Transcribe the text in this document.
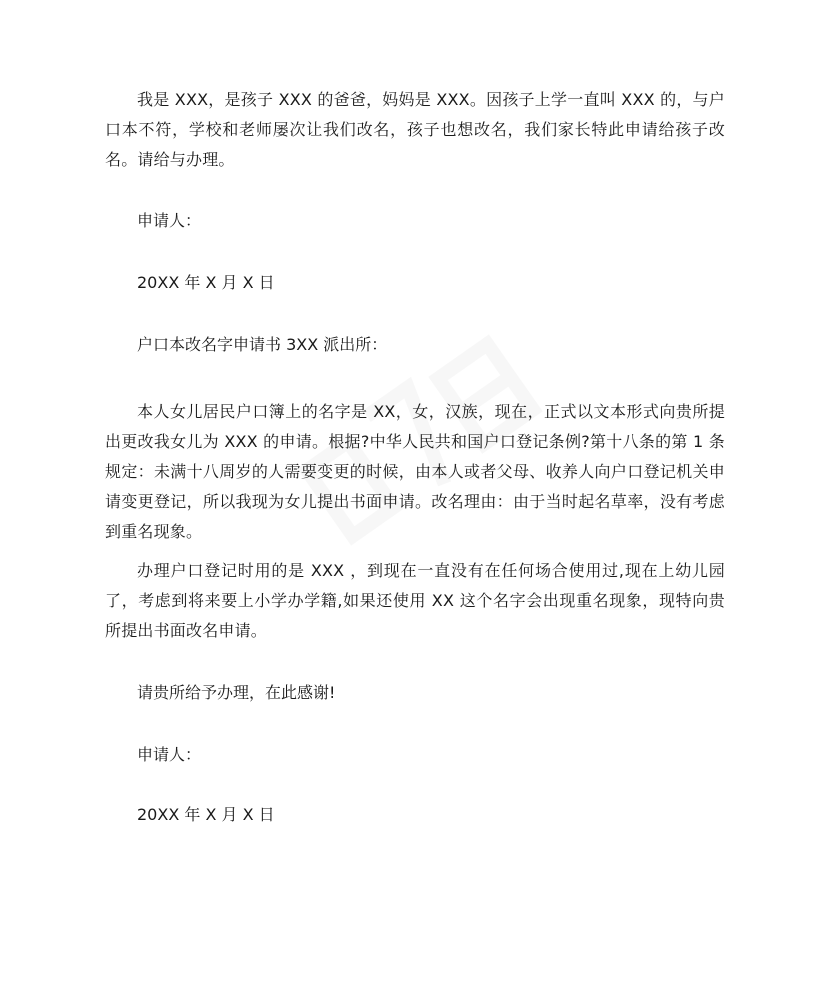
我是 XXX，是孩子 XXX 的爸爸，妈妈是 XXX。因孩子上学一直叫 XXX 的，与户口本不符，学校和老师屡次让我们改名，孩子也想改名，我们家长特此申请给孩子改名。请给与办理。

申请人：

20XX 年 X 月 X 日

户口本改名字申请书 3XX 派出所：

本人女儿居民户口簿上的名字是 XX，女，汉族，现在，正式以文本形式向贵所提出更改我女儿为 XXX 的申请。根据?中华人民共和国户口登记条例?第十八条的第 1 条规定：未满十八周岁的人需要变更的时候，由本人或者父母、收养人向户口登记机关申请变更登记，所以我现为女儿提出书面申请。改名理由：由于当时起名草率，没有考虑到重名现象。

办理户口登记时用的是 XXX ，到现在一直没有在任何场合使用过,现在上幼儿园了，考虑到将来要上小学办学籍,如果还使用 XX 这个名字会出现重名现象，现特向贵所提出书面改名申请。

请贵所给予办理，在此感谢!

申请人：

20XX 年 X 月 X 日
